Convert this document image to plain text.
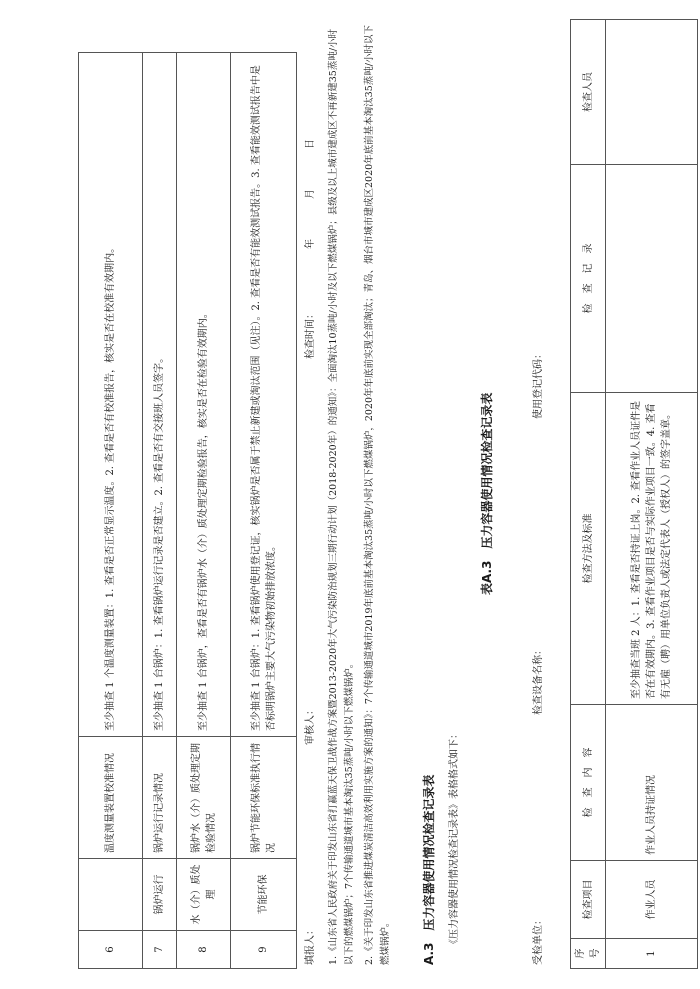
6		温度测量装置校准情况	至少抽查 1 个温度测量装置：1. 查看是否正常显示温度。2. 查看是否有校准报告，核实是否在校准有效期内。
7	锅炉运行	锅炉运行记录情况	至少抽查 1 台锅炉：1. 查看锅炉运行记录是否建立。2. 查看是否有交接班人员签字。
8	水（介）质处理	锅炉水（介）质处理定期检验情况	至少抽查 1 台锅炉，查看是否有锅炉水（介）质处理定期检验报告，核实是否在检验有效期内。
9	节能环保	锅炉节能环保标准执行情况	至少抽查 1 台锅炉：1. 查看锅炉使用登记证，核实锅炉是否属于禁止新建或淘汰范围（见注）。2. 查看是否有能效测试报告。3. 查看能效测试报告中是否标明锅炉主要大气污染物初始排放浓度。
填报人：
审核人：
检查时间：
年
月
日 1.《山东省人民政府关于印发山东省打赢蓝天保卫战作战方案暨2013-2020年大气污染防治规划三期行动计划（2018-2020年）的通知》：全面淘汰10蒸吨/小时及以下燃煤锅炉；县级及以上城市建成区不再新建35蒸吨/小时以下的燃煤锅炉；7个传输通道城市基本淘汰35蒸吨/小时以下燃煤锅炉。 2.《关于印发山东省推进煤炭清洁高效利用实施方案的通知》：7个传输通道城市2019年底前基本淘汰35蒸吨/小时以下燃煤锅炉，2020年年底前实现全部淘汰；青岛、烟台市城市建成区2020年底前基本淘汰35蒸吨/小时以下燃煤锅炉。	A.3　压力容器使用情况检查记录表 《压力容器使用情况检查记录表》表格格式如下：
表A.3　压力容器使用情况检查记录表
受检单位：
检查设备名称：
使用登记代码：
序号	检查项目	检　查　内　容	检查方法及标准	检　查　记　录	检查人员
1	作业人员	作业人员持证情况	至少抽查当班 2 人：1. 查看是否持证上岗。2. 查看作业人员证件是否在有效期内。3. 查看作业项目是否与实际作业项目一致。4. 查看有无雇（聘）用单位负责人或法定代表人（授权人）的签字盖章。		
